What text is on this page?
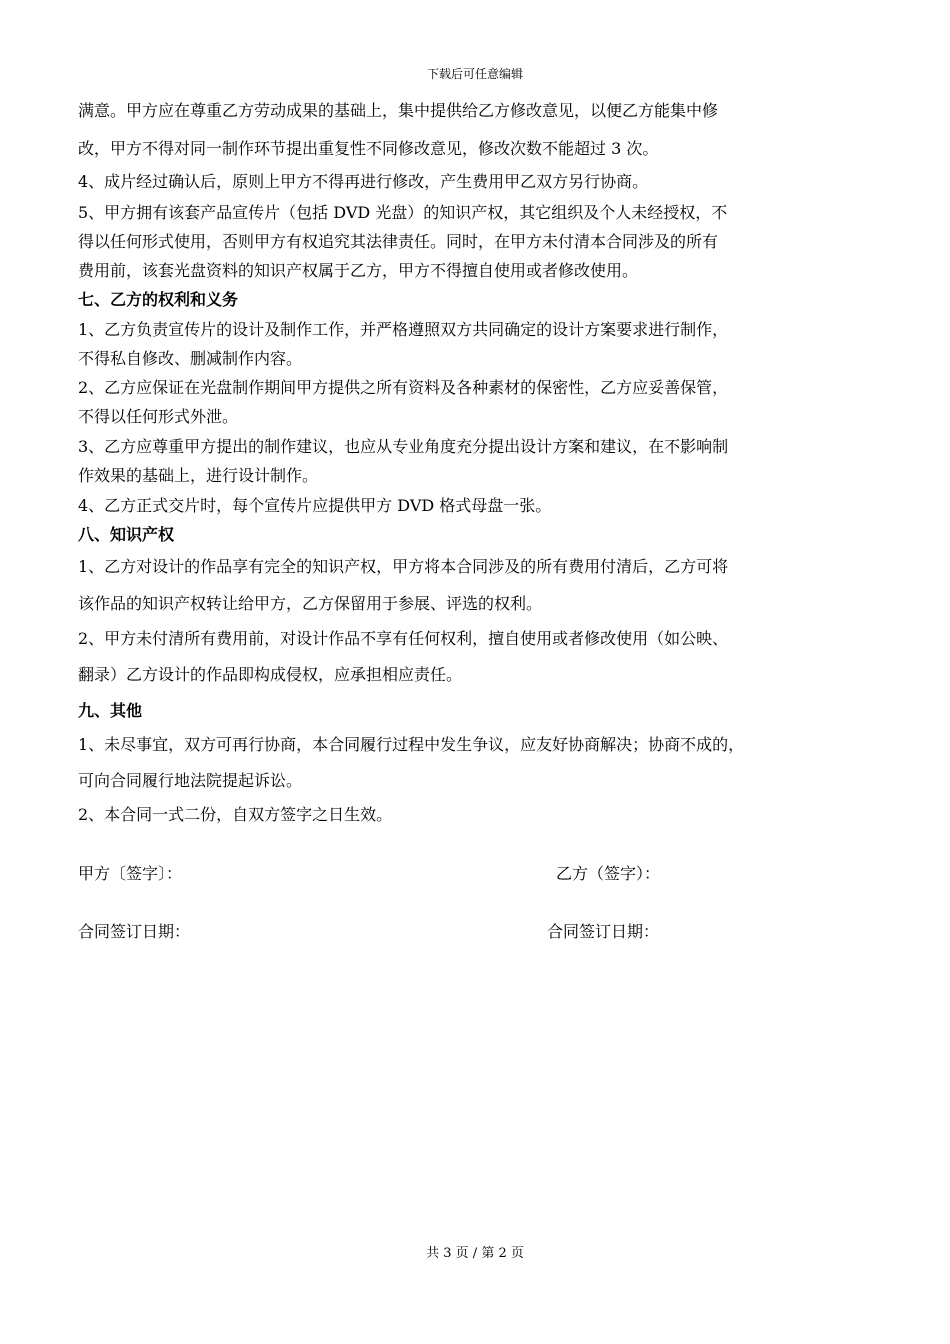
下载后可任意编辑
满意。甲方应在尊重乙方劳动成果的基础上，集中提供给乙方修改意见，以便乙方能集中修
改，甲方不得对同一制作环节提出重复性不同修改意见，修改次数不能超过 3 次。
4、成片经过确认后，原则上甲方不得再进行修改，产生费用甲乙双方另行协商。
5、甲方拥有该套产品宣传片（包括 DVD 光盘）的知识产权，其它组织及个人未经授权，不
得以任何形式使用，否则甲方有权追究其法律责任。同时，在甲方未付清本合同涉及的所有
费用前，该套光盘资料的知识产权属于乙方，甲方不得擅自使用或者修改使用。
七、乙方的权利和义务
1、乙方负责宣传片的设计及制作工作，并严格遵照双方共同确定的设计方案要求进行制作，
不得私自修改、删减制作内容。
2、乙方应保证在光盘制作期间甲方提供之所有资料及各种素材的保密性，乙方应妥善保管，
不得以任何形式外泄。
3、乙方应尊重甲方提出的制作建议，也应从专业角度充分提出设计方案和建议，在不影响制
作效果的基础上，进行设计制作。
4、乙方正式交片时，每个宣传片应提供甲方 DVD 格式母盘一张。
八、知识产权
1、乙方对设计的作品享有完全的知识产权，甲方将本合同涉及的所有费用付清后，乙方可将
该作品的知识产权转让给甲方，乙方保留用于参展、评选的权利。
2、甲方未付清所有费用前，对设计作品不享有任何权利，擅自使用或者修改使用（如公映、
翻录）乙方设计的作品即构成侵权，应承担相应责任。
九、其他
1、未尽事宜，双方可再行协商，本合同履行过程中发生争议，应友好协商解决；协商不成的，
可向合同履行地法院提起诉讼。
2、本合同一式二份，自双方签字之日生效。
甲方〔签字〕：	乙方（签字）：
合同签订日期：	合同签订日期：
共 3 页 / 第 2 页
